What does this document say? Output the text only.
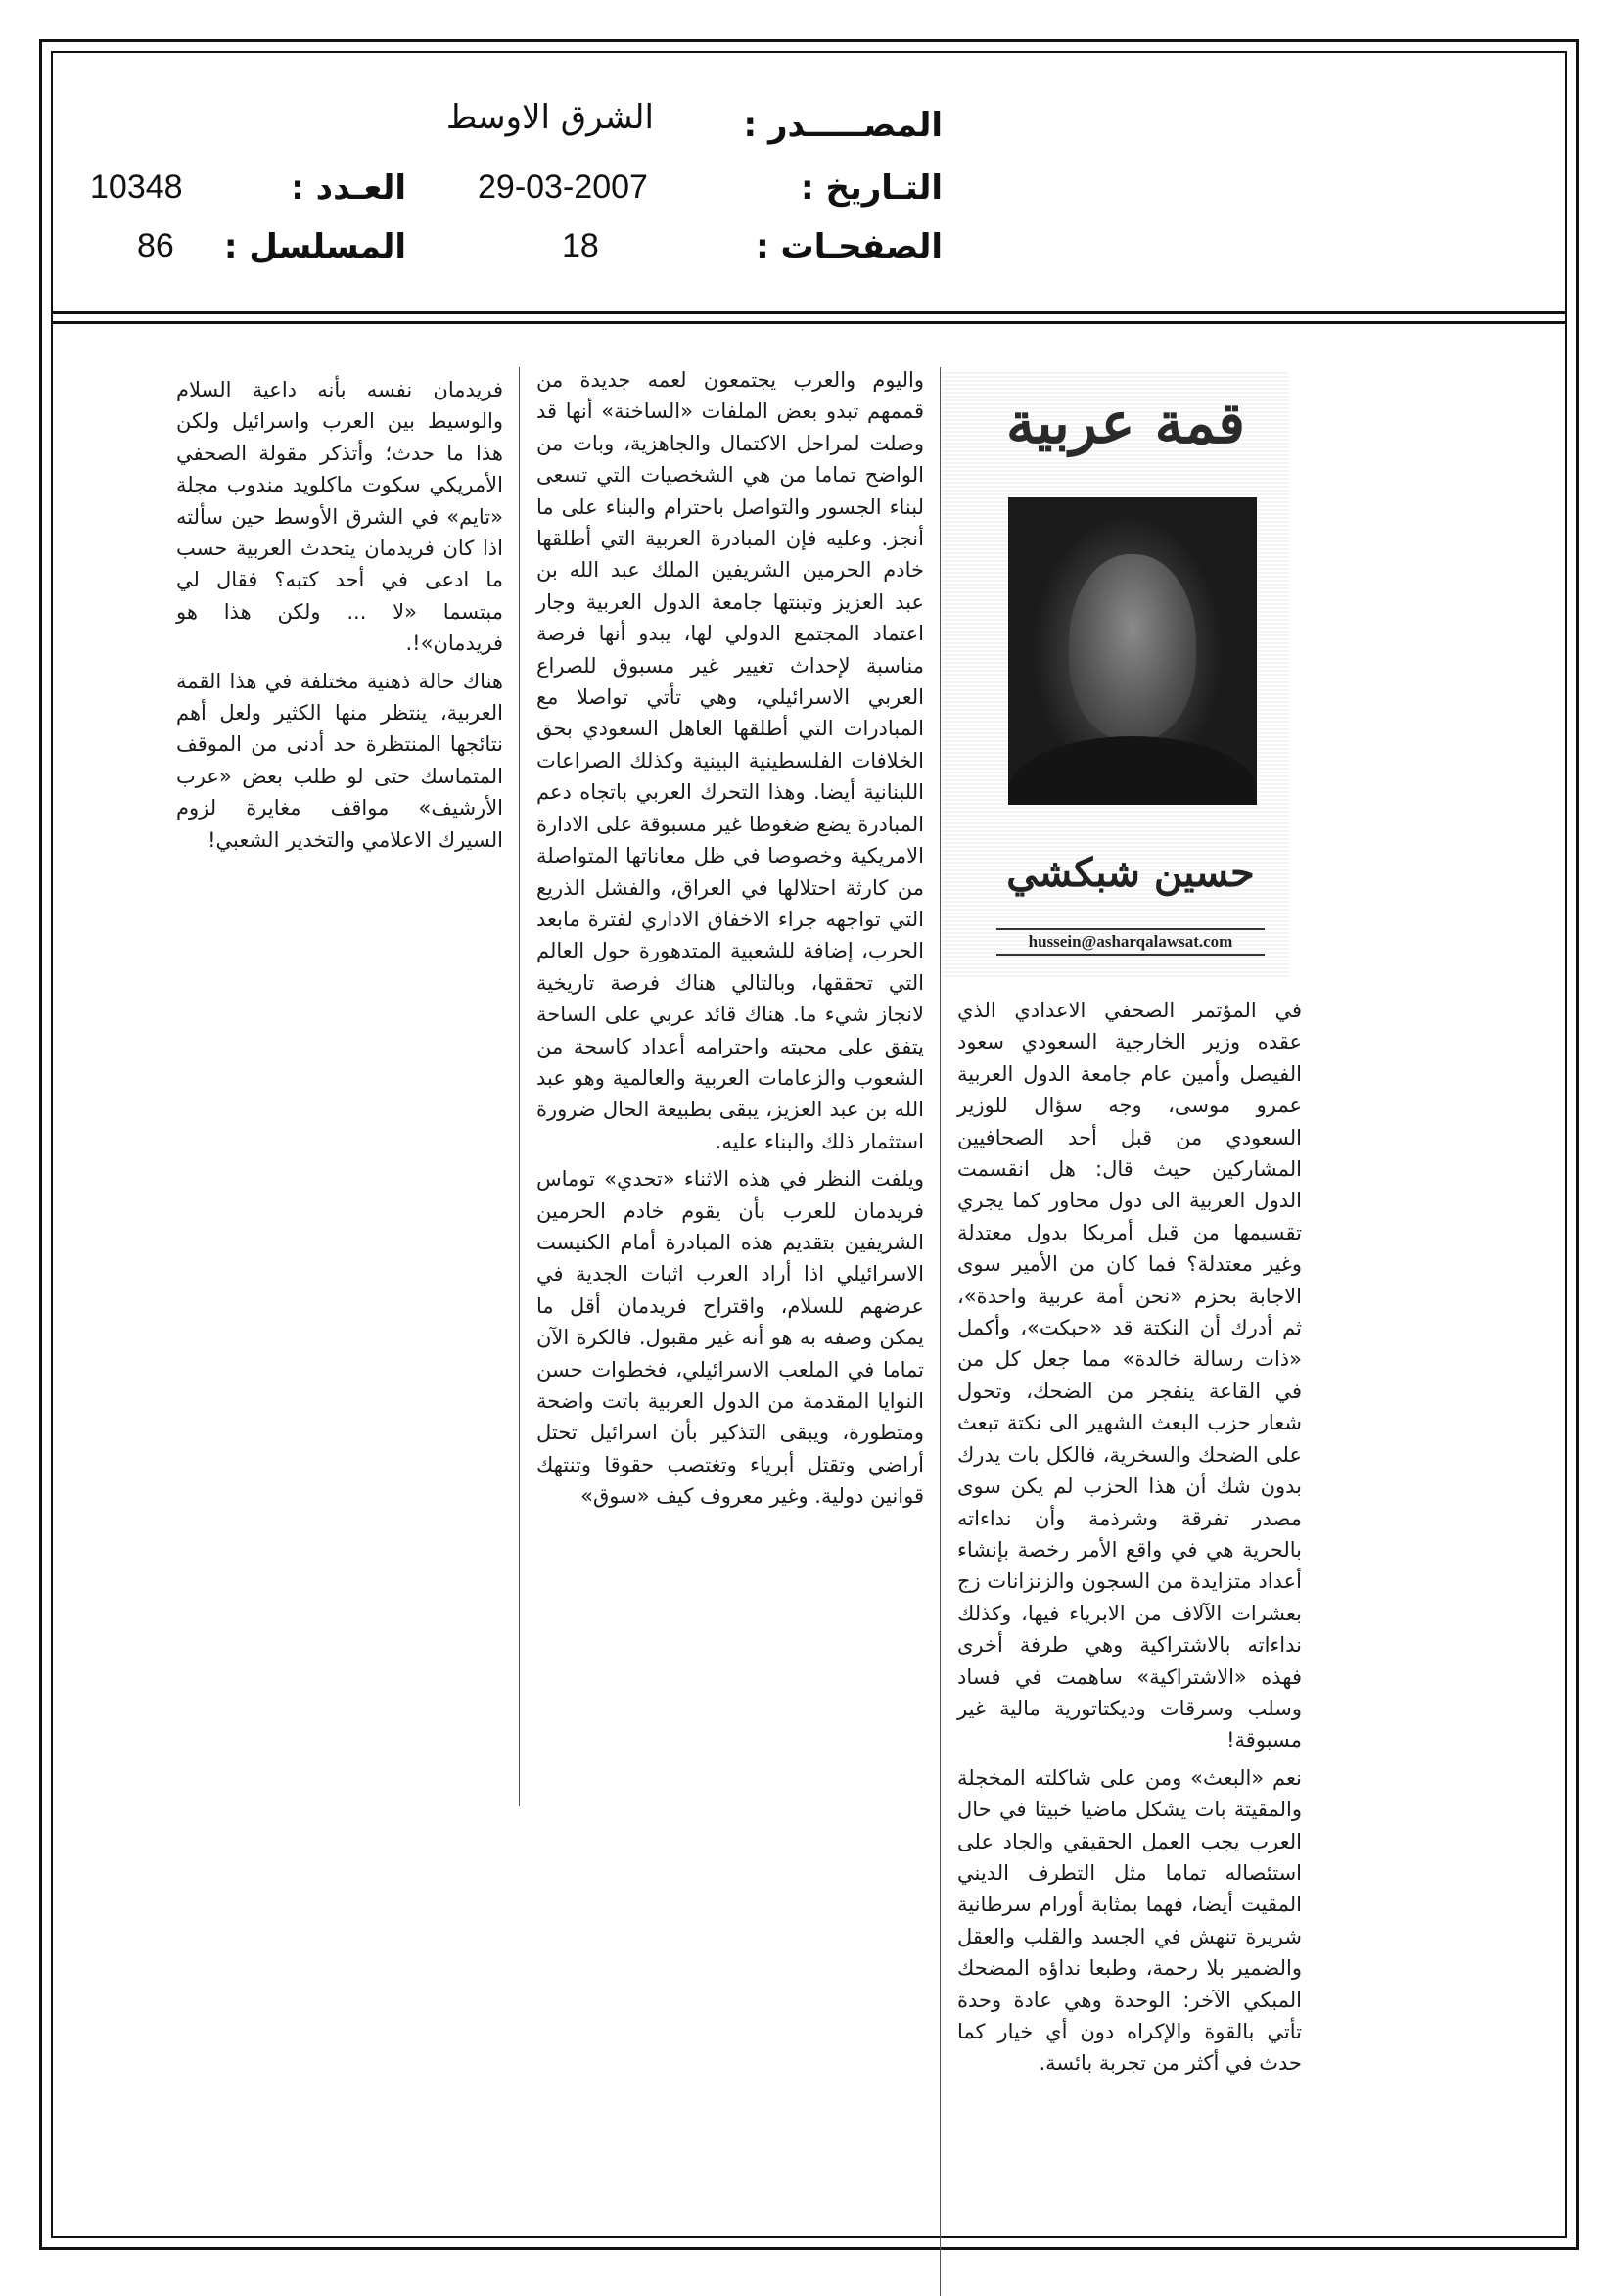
المصـــــدر :
الشرق الاوسط
التـاريخ :
29-03-2007
العـدد :
10348
الصفحـات :
18
المسلسل :
86
قمة عربية
حسين شبكشي
hussein@asharqalawsat.com

في المؤتمر الصحفي الاعدادي الذي عقده وزير الخارجية السعودي سعود الفيصل وأمين عام جامعة الدول العربية عمرو موسى، وجه سؤال للوزير السعودي من قبل أحد الصحافيين المشاركين حيث قال: هل انقسمت الدول العربية الى دول محاور كما يجري تقسيمها من قبل أمريكا بدول معتدلة وغير معتدلة؟ فما كان من الأمير سوى الاجابة بحزم «نحن أمة عربية واحدة»، ثم أدرك أن النكتة قد «حبكت»، وأكمل «ذات رسالة خالدة» مما جعل كل من في القاعة ينفجر من الضحك، وتحول شعار حزب البعث الشهير الى نكتة تبعث على الضحك والسخرية، فالكل بات يدرك بدون شك أن هذا الحزب لم يكن سوى مصدر تفرقة وشرذمة وأن نداءاته بالحرية هي في واقع الأمر رخصة بإنشاء أعداد متزايدة من السجون والزنزانات زج بعشرات الآلاف من الابرياء فيها، وكذلك نداءاته بالاشتراكية وهي طرفة أخرى فهذه «الاشتراكية» ساهمت في فساد وسلب وسرقات وديكتاتورية مالية غير مسبوقة!

نعم «البعث» ومن على شاكلته المخجلة والمقيتة بات يشكل ماضيا خبيثا في حال العرب يجب العمل الحقيقي والجاد على استئصاله تماما مثل التطرف الديني المقيت أيضا، فهما بمثابة أورام سرطانية شريرة تنهش في الجسد والقلب والعقل والضمير بلا رحمة، وطبعا نداؤه المضحك المبكي الآخر: الوحدة وهي عادة وحدة تأتي بالقوة والإكراه دون أي خيار كما حدث في أكثر من تجربة بائسة.

واليوم والعرب يجتمعون لعمه جديدة من قممهم تبدو بعض الملفات «الساخنة» أنها قد وصلت لمراحل الاكتمال والجاهزية، وبات من الواضح تماما من هي الشخصيات التي تسعى لبناء الجسور والتواصل باحترام والبناء على ما أنجز. وعليه فإن المبادرة العربية التي أطلقها خادم الحرمين الشريفين الملك عبد الله بن عبد العزيز وتبنتها جامعة الدول العربية وجار اعتماد المجتمع الدولي لها، يبدو أنها فرصة مناسبة لإحداث تغيير غير مسبوق للصراع العربي الاسرائيلي، وهي تأتي تواصلا مع المبادرات التي أطلقها العاهل السعودي بحق الخلافات الفلسطينية البينية وكذلك الصراعات اللبنانية أيضا. وهذا التحرك العربي باتجاه دعم المبادرة يضع ضغوطا غير مسبوقة على الادارة الامريكية وخصوصا في ظل معاناتها المتواصلة من كارثة احتلالها في العراق، والفشل الذريع التي تواجهه جراء الاخفاق الاداري لفترة مابعد الحرب، إضافة للشعبية المتدهورة حول العالم التي تحققها، وبالتالي هناك فرصة تاريخية لانجاز شيء ما. هناك قائد عربي على الساحة يتفق على محبته واحترامه أعداد كاسحة من الشعوب والزعامات العربية والعالمية وهو عبد الله بن عبد العزيز، يبقى بطبيعة الحال ضرورة استثمار ذلك والبناء عليه.

ويلفت النظر في هذه الاثناء «تحدي» توماس فريدمان للعرب بأن يقوم خادم الحرمين الشريفين بتقديم هذه المبادرة أمام الكنيست الاسرائيلي اذا أراد العرب اثبات الجدية في عرضهم للسلام، واقتراح فريدمان أقل ما يمكن وصفه به هو أنه غير مقبول. فالكرة الآن تماما في الملعب الاسرائيلي، فخطوات حسن النوايا المقدمة من الدول العربية باتت واضحة ومتطورة، ويبقى التذكير بأن اسرائيل تحتل أراضي وتقتل أبرياء وتغتصب حقوقا وتنتهك قوانين دولية. وغير معروف كيف «سوق»

فريدمان نفسه بأنه داعية السلام والوسيط بين العرب واسرائيل ولكن هذا ما حدث؛ وأتذكر مقولة الصحفي الأمريكي سكوت ماكلويد مندوب مجلة «تايم» في الشرق الأوسط حين سألته اذا كان فريدمان يتحدث العربية حسب ما ادعى في أحد كتبه؟ فقال لي مبتسما «لا ... ولكن هذا هو فريدمان»!.

هناك حالة ذهنية مختلفة في هذا القمة العربية، ينتظر منها الكثير ولعل أهم نتائجها المنتظرة حد أدنى من الموقف المتماسك حتى لو طلب بعض «عرب الأرشيف» مواقف مغايرة لزوم السيرك الاعلامي والتخدير الشعبي!
